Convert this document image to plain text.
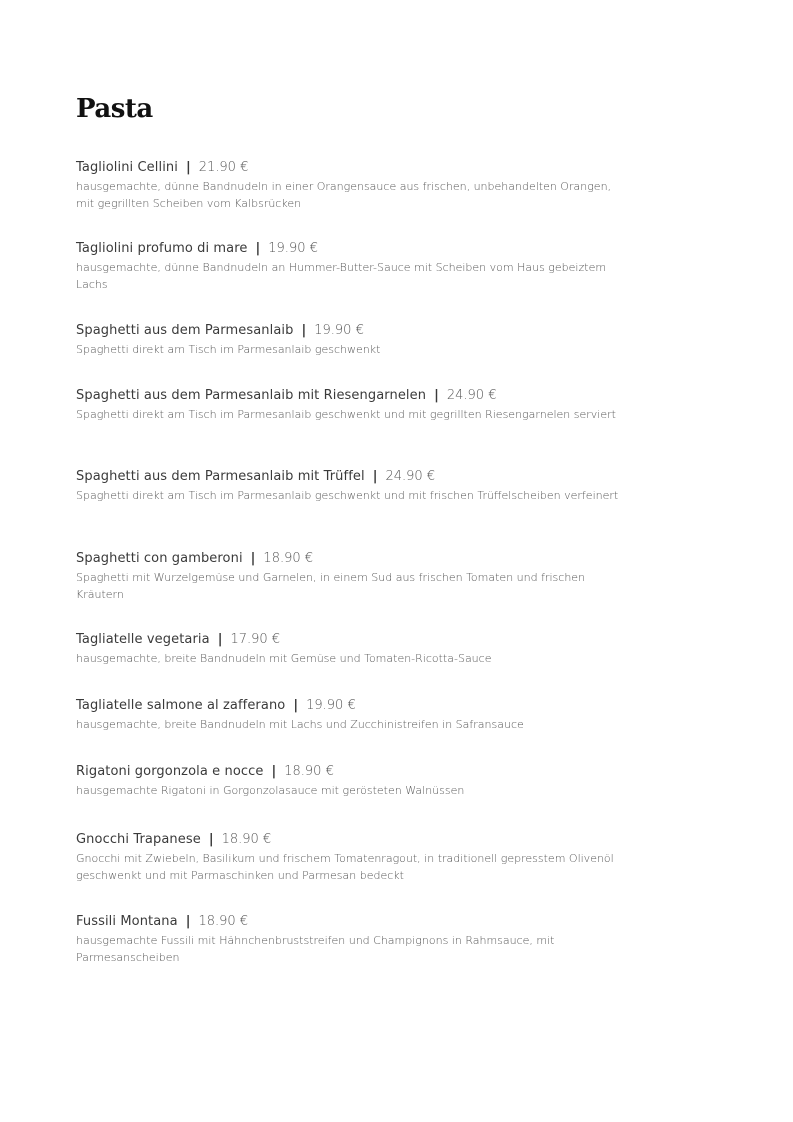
Pasta
Tagliolini Cellini | 21.90 €
hausgemachte, dünne Bandnudeln in einer Orangensauce aus frischen, unbehandelten Orangen, mit gegrillten Scheiben vom Kalbsrücken
Tagliolini profumo di mare | 19.90 €
hausgemachte, dünne Bandnudeln an Hummer-Butter-Sauce mit Scheiben vom Haus gebeiztem Lachs
Spaghetti aus dem Parmesanlaib | 19.90 €
Spaghetti direkt am Tisch im Parmesanlaib geschwenkt
Spaghetti aus dem Parmesanlaib mit Riesengarnelen | 24.90 €
Spaghetti direkt am Tisch im Parmesanlaib geschwenkt und mit gegrillten Riesengarnelen serviert
Spaghetti aus dem Parmesanlaib mit Trüffel | 24.90 €
Spaghetti direkt am Tisch im Parmesanlaib geschwenkt und mit frischen Trüffelscheiben verfeinert
Spaghetti con gamberoni | 18.90 €
Spaghetti mit Wurzelgemüse und Garnelen, in einem Sud aus frischen Tomaten und frischen Kräutern
Tagliatelle vegetaria | 17.90 €
hausgemachte, breite Bandnudeln mit Gemüse und Tomaten-Ricotta-Sauce
Tagliatelle salmone al zafferano | 19.90 €
hausgemachte, breite Bandnudeln mit Lachs und Zucchinistreifen in Safransauce
Rigatoni gorgonzola e nocce | 18.90 €
hausgemachte Rigatoni in Gorgonzolasauce mit gerösteten Walnüssen
Gnocchi Trapanese | 18.90 €
Gnocchi mit Zwiebeln, Basilikum und frischem Tomatenragout, in traditionell gepresstem Olivenöl geschwenkt und mit Parmaschinken und Parmesan bedeckt
Fussili Montana | 18.90 €
hausgemachte Fussili mit Hähnchenbruststreifen und Champignons in Rahmsauce, mit Parmesanscheiben
